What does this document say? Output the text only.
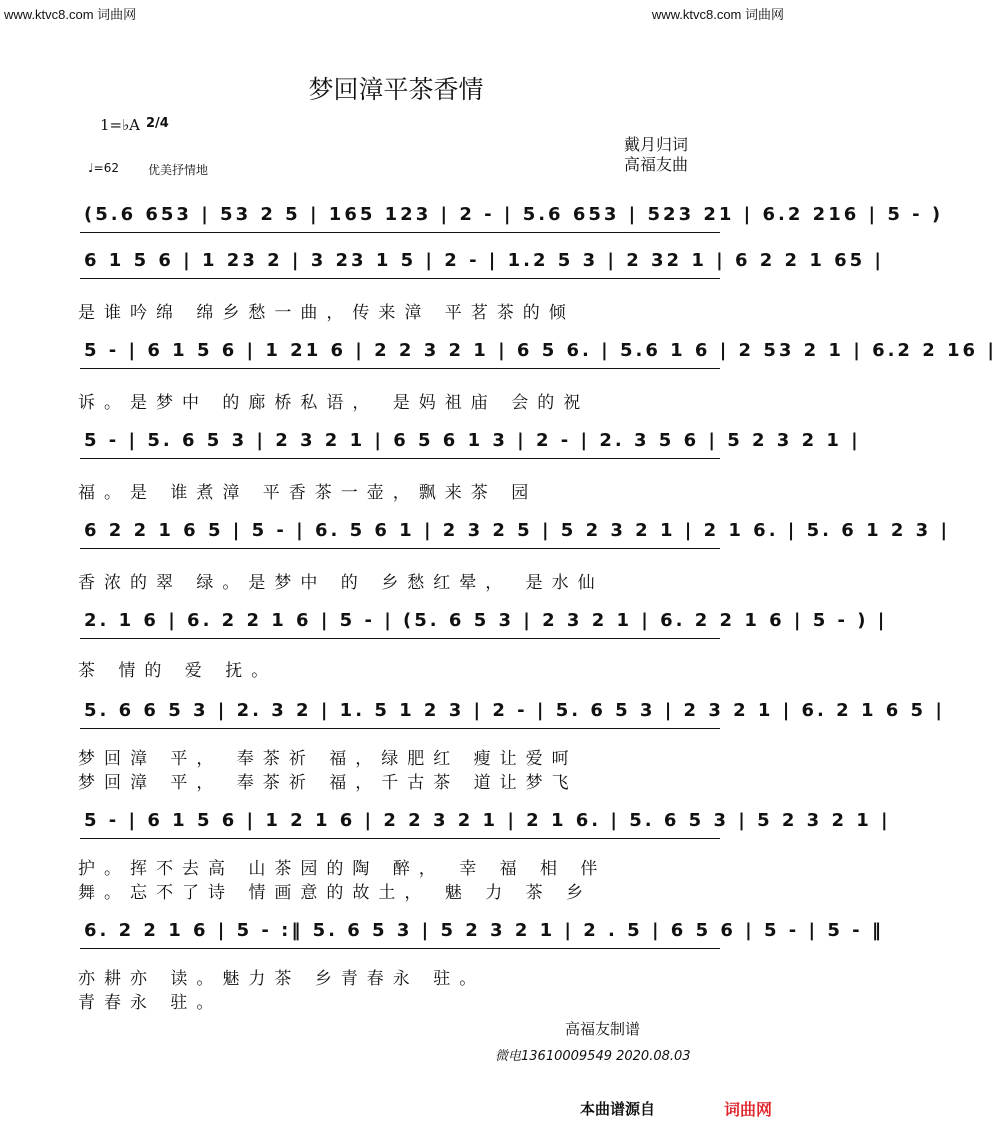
www.ktvc8.com 词曲网	www.ktvc8.com 词曲网
梦回漳平茶香情
1=♭A 2/4
♩=62 优美抒情地
戴月归词
高福友曲
(5.6 653 | 53 2 5 | 165 123 | 2 - | 5.6 653 | 523 21 | 6.2 216 | 5 - )
6 1 5 6 | 1 23 2 | 3 23 1 5 | 2 - | 1.2 5 3 | 2 32 1 | 6 2 2 1 65 |
5 - | 6 1 5 6 | 1 21 6 | 2 2 3 2 1 | 6 5 6. | 5.6 1 6 | 2 53 2 1 | 6.2 2 16 |
5 - | 5. 6 5 3 | 2 3 2 1 | 6 5 6 1 3 | 2 - | 2. 3 5 6 | 5 2 3 2 1 |
6 2 2 1 6 5 | 5 - | 6. 5 6 1 | 2 3 2 5 | 5 2 3 2 1 | 2 1 6. | 5. 6 1 2 3 |
2. 1 6 | 6. 2 2 1 6 | 5 - | (5. 6 5 3 | 2 3 2 1 | 6. 2 2 1 6 | 5 - ) |
5. 6 6 5 3 | 2. 3 2 | 1. 5 1 2 3 | 2 - | 5. 6 5 3 | 2 3 2 1 | 6. 2 1 6 5 |
5 - | 6 1 5 6 | 1 2 1 6 | 2 2 3 2 1 | 2 1 6. | 5. 6 5 3 | 5 2 3 2 1 |
6. 2 2 1 6 | 5 - :‖ 5. 6 5 3 | 5 2 3 2 1 | 2 . 5 | 6 5 6 | 5 - | 5 - ‖
是谁吟绵 绵乡愁一曲，传来漳 平茗茶的倾
诉。是梦中 的廊桥私语， 是妈祖庙 会的祝
福。是 谁煮漳 平香茶一壶，飘来茶 园
香浓的翠 绿。是梦中 的 乡愁红晕， 是水仙
茶 情的 爱 抚。
梦回漳 平， 奉茶祈 福，绿肥红 瘦让爱呵
梦回漳 平， 奉茶祈 福，千古茶 道让梦飞
护。挥不去高 山茶园的陶 醉， 幸 福 相 伴
舞。忘不了诗 情画意的故土， 魅 力 茶 乡
亦耕亦 读。魅力茶 乡青春永 驻。
青春永 驻。
高福友制谱
微电13610009549 2020.08.03
本曲谱源自	词曲网
